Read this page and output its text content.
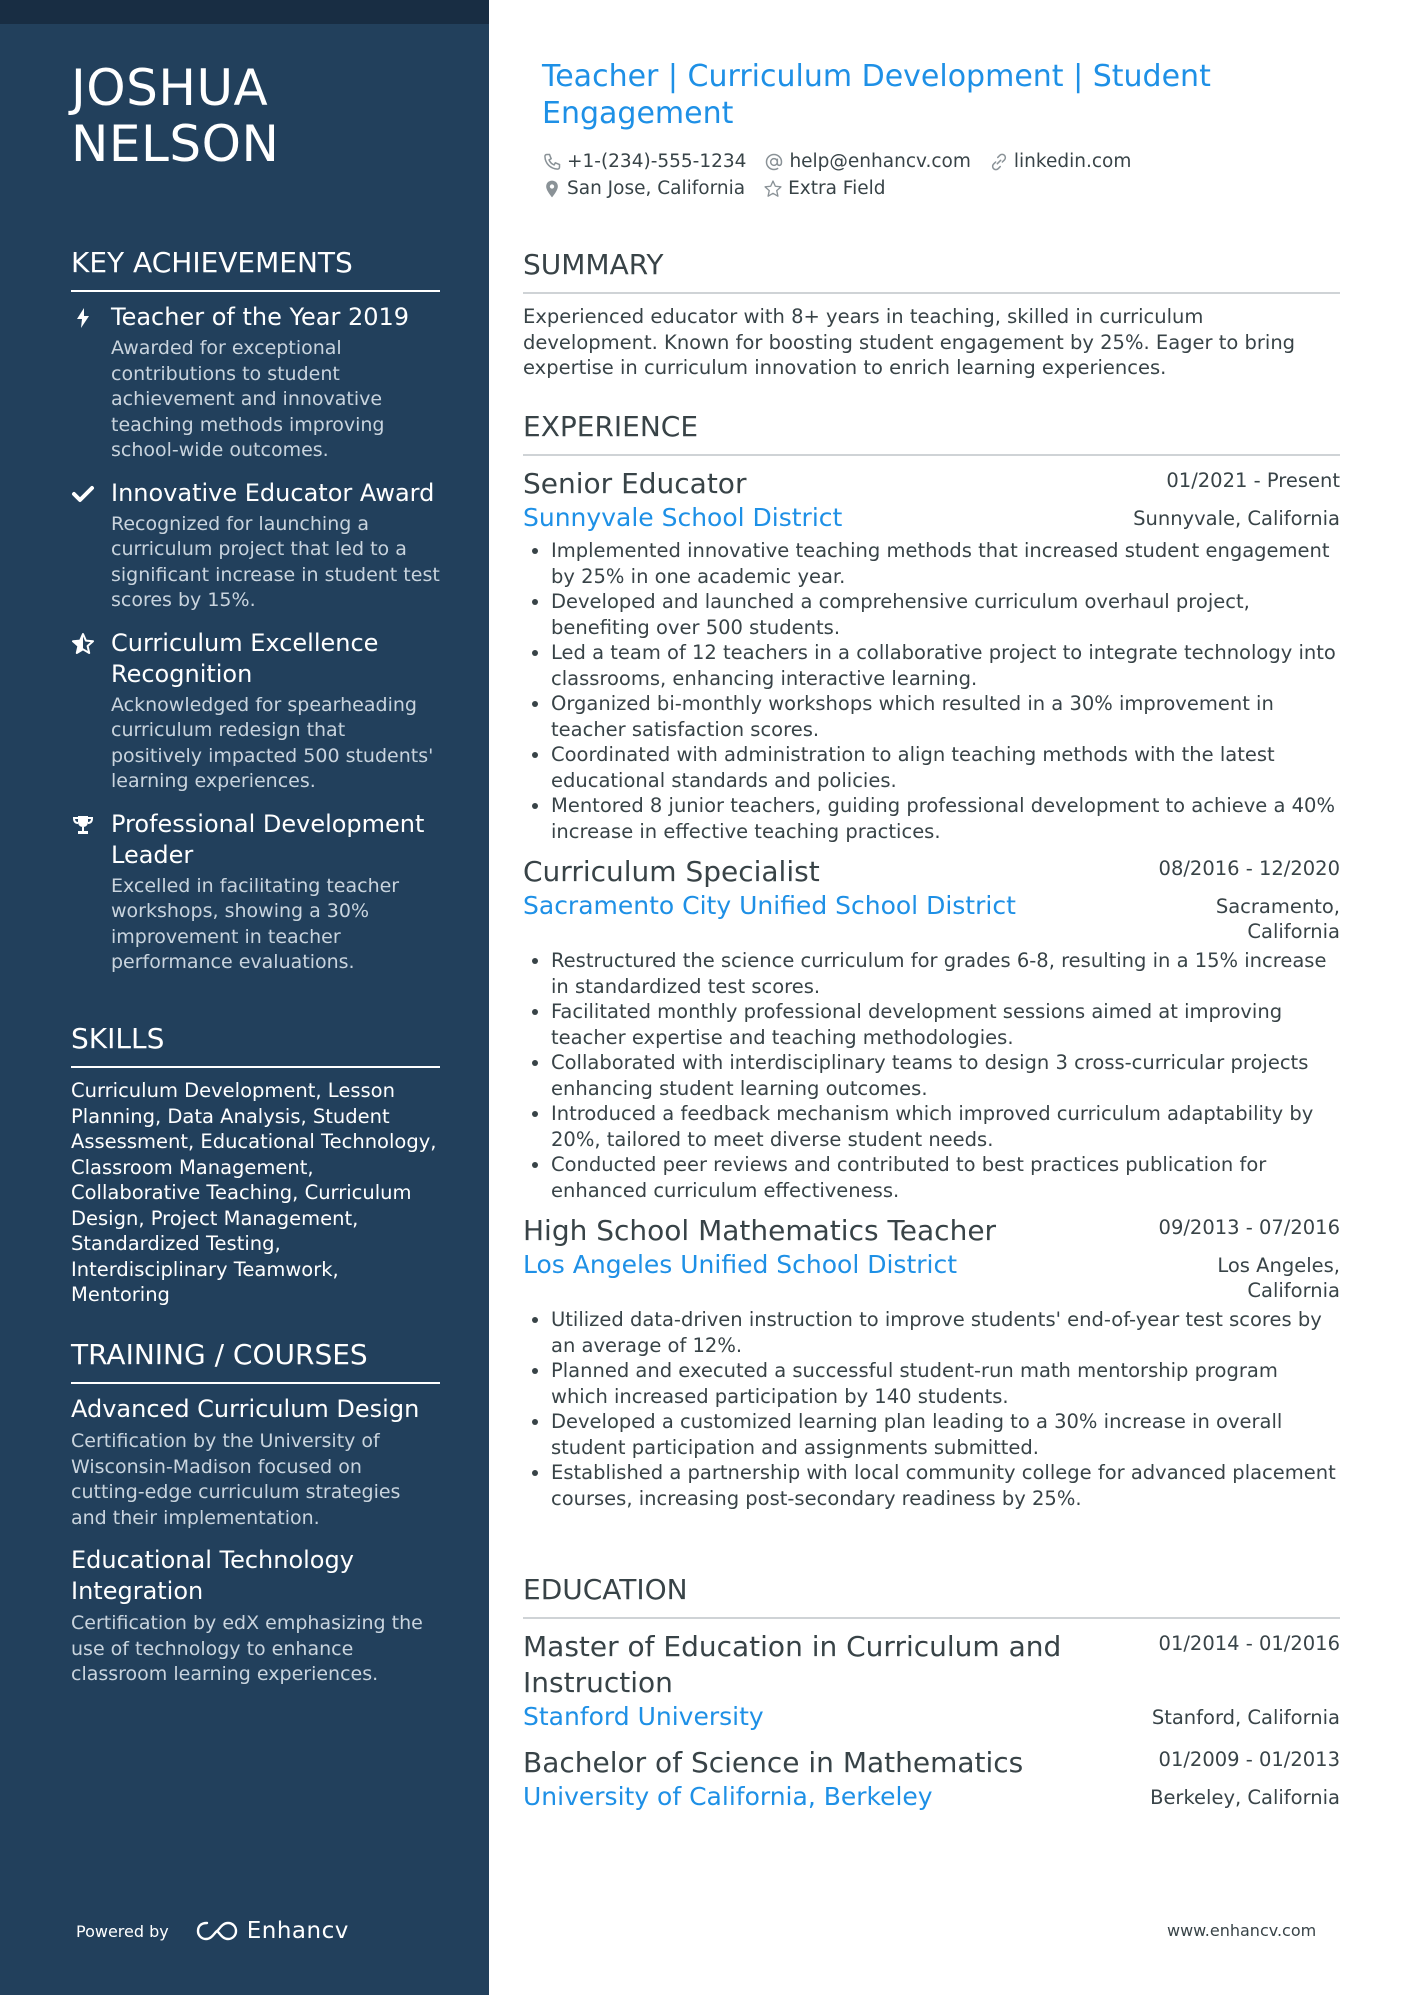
JOSHUA
NELSON
KEY ACHIEVEMENTS
Teacher of the Year 2019
Awarded for exceptional contributions to student achievement and innovative teaching methods improving school-wide outcomes.
Innovative Educator Award
Recognized for launching a curriculum project that led to a significant increase in student test scores by 15%.
Curriculum Excellence Recognition
Acknowledged for spearheading curriculum redesign that positively impacted 500 students' learning experiences.
Professional Development Leader
Excelled in facilitating teacher workshops, showing a 30% improvement in teacher performance evaluations.
SKILLS
Curriculum Development, Lesson Planning, Data Analysis, Student Assessment, Educational Technology, Classroom Management, Collaborative Teaching, Curriculum Design, Project Management, Standardized Testing, Interdisciplinary Teamwork, Mentoring
TRAINING / COURSES
Advanced Curriculum Design
Certification by the University of Wisconsin-Madison focused on cutting-edge curriculum strategies and their implementation.
Educational Technology Integration
Certification by edX emphasizing the use of technology to enhance classroom learning experiences.
Powered by	Enhancv
Teacher | Curriculum Development | Student Engagement
+1-(234)-555-1234 help@enhancv.com linkedin.com
San Jose, California Extra Field
SUMMARY
Experienced educator with 8+ years in teaching, skilled in curriculum development. Known for boosting student engagement by 25%. Eager to bring expertise in curriculum innovation to enrich learning experiences.
EXPERIENCE
Senior Educator	01/2021 - Present
Sunnyvale School District	Sunnyvale, California
Implemented innovative teaching methods that increased student engagement by 25% in one academic year.
Developed and launched a comprehensive curriculum overhaul project, benefiting over 500 students.
Led a team of 12 teachers in a collaborative project to integrate technology into classrooms, enhancing interactive learning.
Organized bi-monthly workshops which resulted in a 30% improvement in teacher satisfaction scores.
Coordinated with administration to align teaching methods with the latest educational standards and policies.
Mentored 8 junior teachers, guiding professional development to achieve a 40% increase in effective teaching practices.
Curriculum Specialist	08/2016 - 12/2020
Sacramento City Unified School District	Sacramento,
California
Restructured the science curriculum for grades 6-8, resulting in a 15% increase in standardized test scores.
Facilitated monthly professional development sessions aimed at improving teacher expertise and teaching methodologies.
Collaborated with interdisciplinary teams to design 3 cross-curricular projects enhancing student learning outcomes.
Introduced a feedback mechanism which improved curriculum adaptability by 20%, tailored to meet diverse student needs.
Conducted peer reviews and contributed to best practices publication for enhanced curriculum effectiveness.
High School Mathematics Teacher	09/2013 - 07/2016
Los Angeles Unified School District	Los Angeles,
California
Utilized data-driven instruction to improve students' end-of-year test scores by an average of 12%.
Planned and executed a successful student-run math mentorship program which increased participation by 140 students.
Developed a customized learning plan leading to a 30% increase in overall student participation and assignments submitted.
Established a partnership with local community college for advanced placement courses, increasing post-secondary readiness by 25%.
EDUCATION
Master of Education in Curriculum and Instruction
01/2014 - 01/2016
Stanford University	Stanford, California
Bachelor of Science in Mathematics	01/2009 - 01/2013
University of California, Berkeley	Berkeley, California
www.enhancv.com
